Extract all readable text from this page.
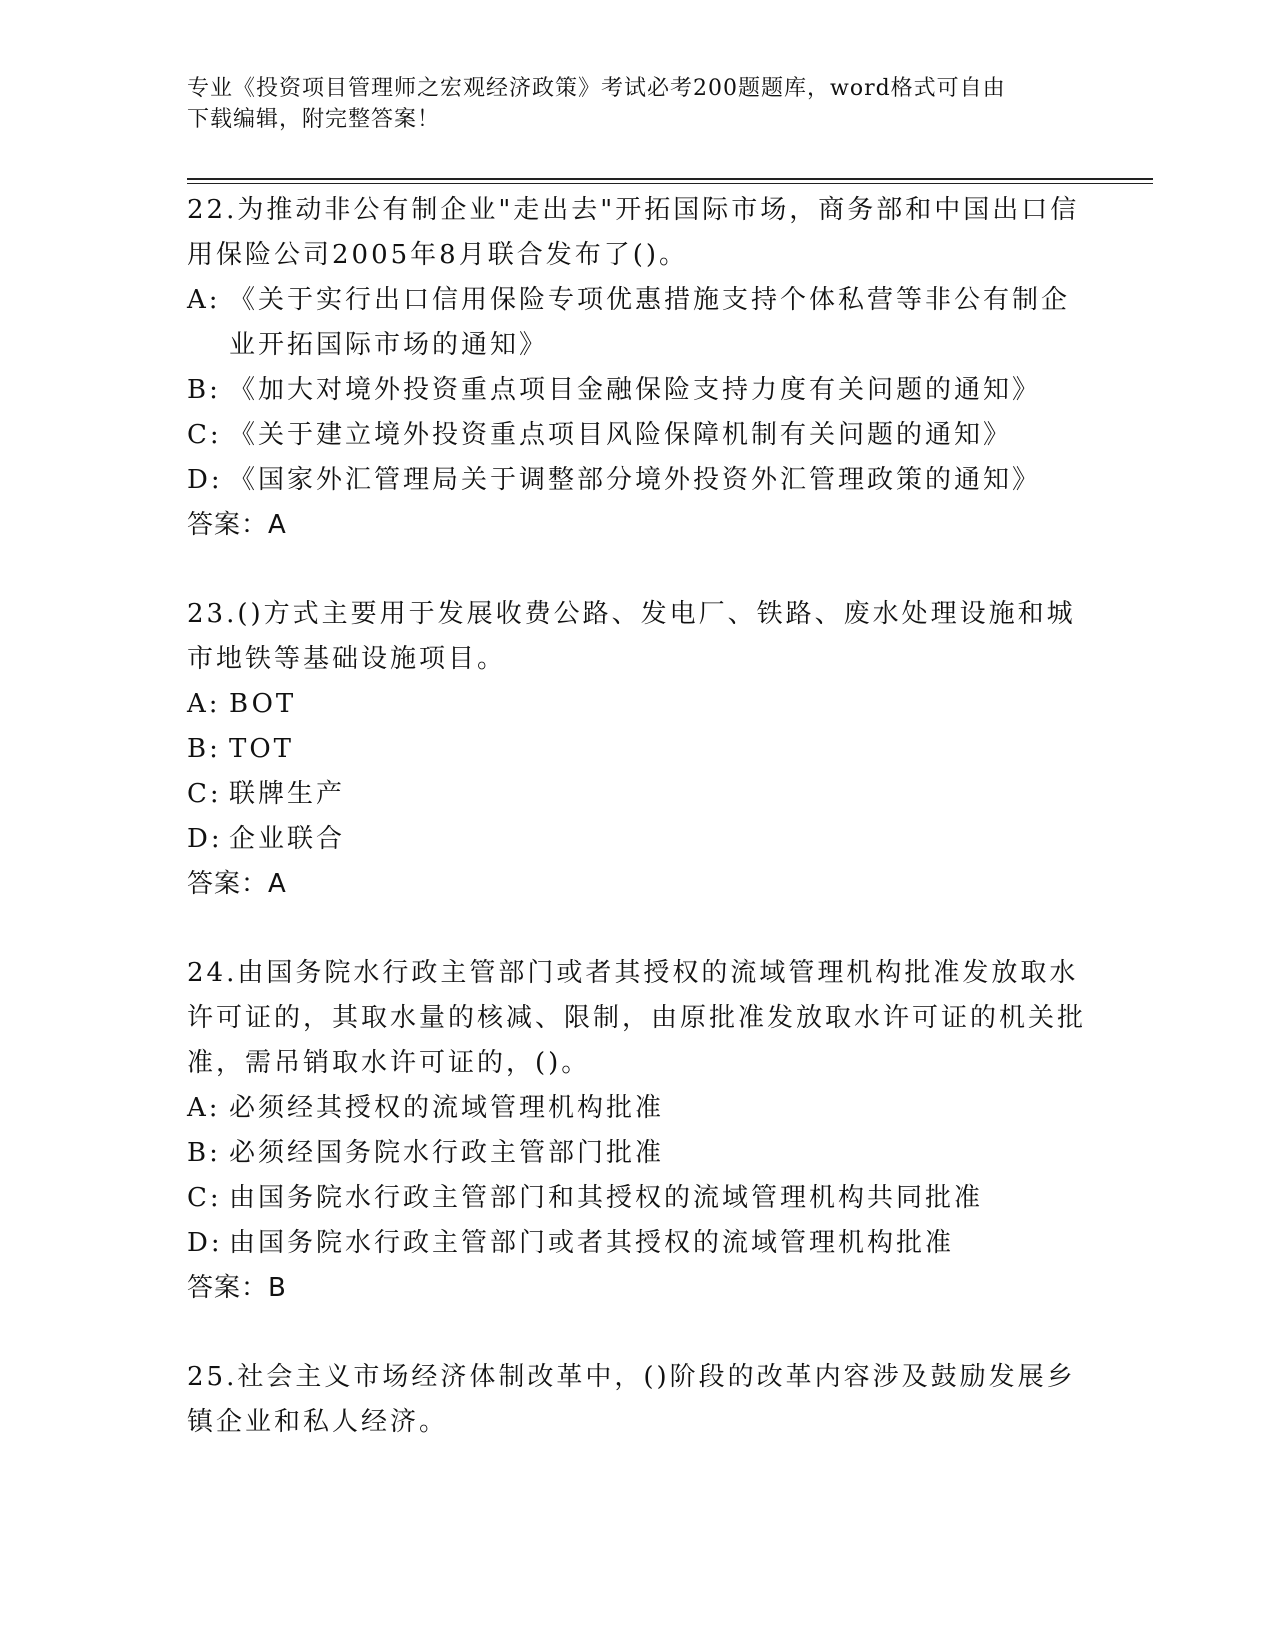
专业《投资项目管理师之宏观经济政策》考试必考200题题库，word格式可自由
下载编辑，附完整答案！

22.为推动非公有制企业"走出去"开拓国际市场，商务部和中国出口信用保险公司2005年8月联合发布了()。

A: 《关于实行出口信用保险专项优惠措施支持个体私营等非公有制企业开拓国际市场的通知》
B: 《加大对境外投资重点项目金融保险支持力度有关问题的通知》
C: 《关于建立境外投资重点项目风险保障机制有关问题的通知》
D: 《国家外汇管理局关于调整部分境外投资外汇管理政策的通知》

答案：A

23.()方式主要用于发展收费公路、发电厂、铁路、废水处理设施和城市地铁等基础设施项目。

A: BOT
B: TOT
C: 联牌生产
D: 企业联合

答案：A

24.由国务院水行政主管部门或者其授权的流域管理机构批准发放取水许可证的，其取水量的核减、限制，由原批准发放取水许可证的机关批准，需吊销取水许可证的，()。

A: 必须经其授权的流域管理机构批准
B: 必须经国务院水行政主管部门批准
C: 由国务院水行政主管部门和其授权的流域管理机构共同批准
D: 由国务院水行政主管部门或者其授权的流域管理机构批准

答案：B

25.社会主义市场经济体制改革中，()阶段的改革内容涉及鼓励发展乡镇企业和私人经济。
